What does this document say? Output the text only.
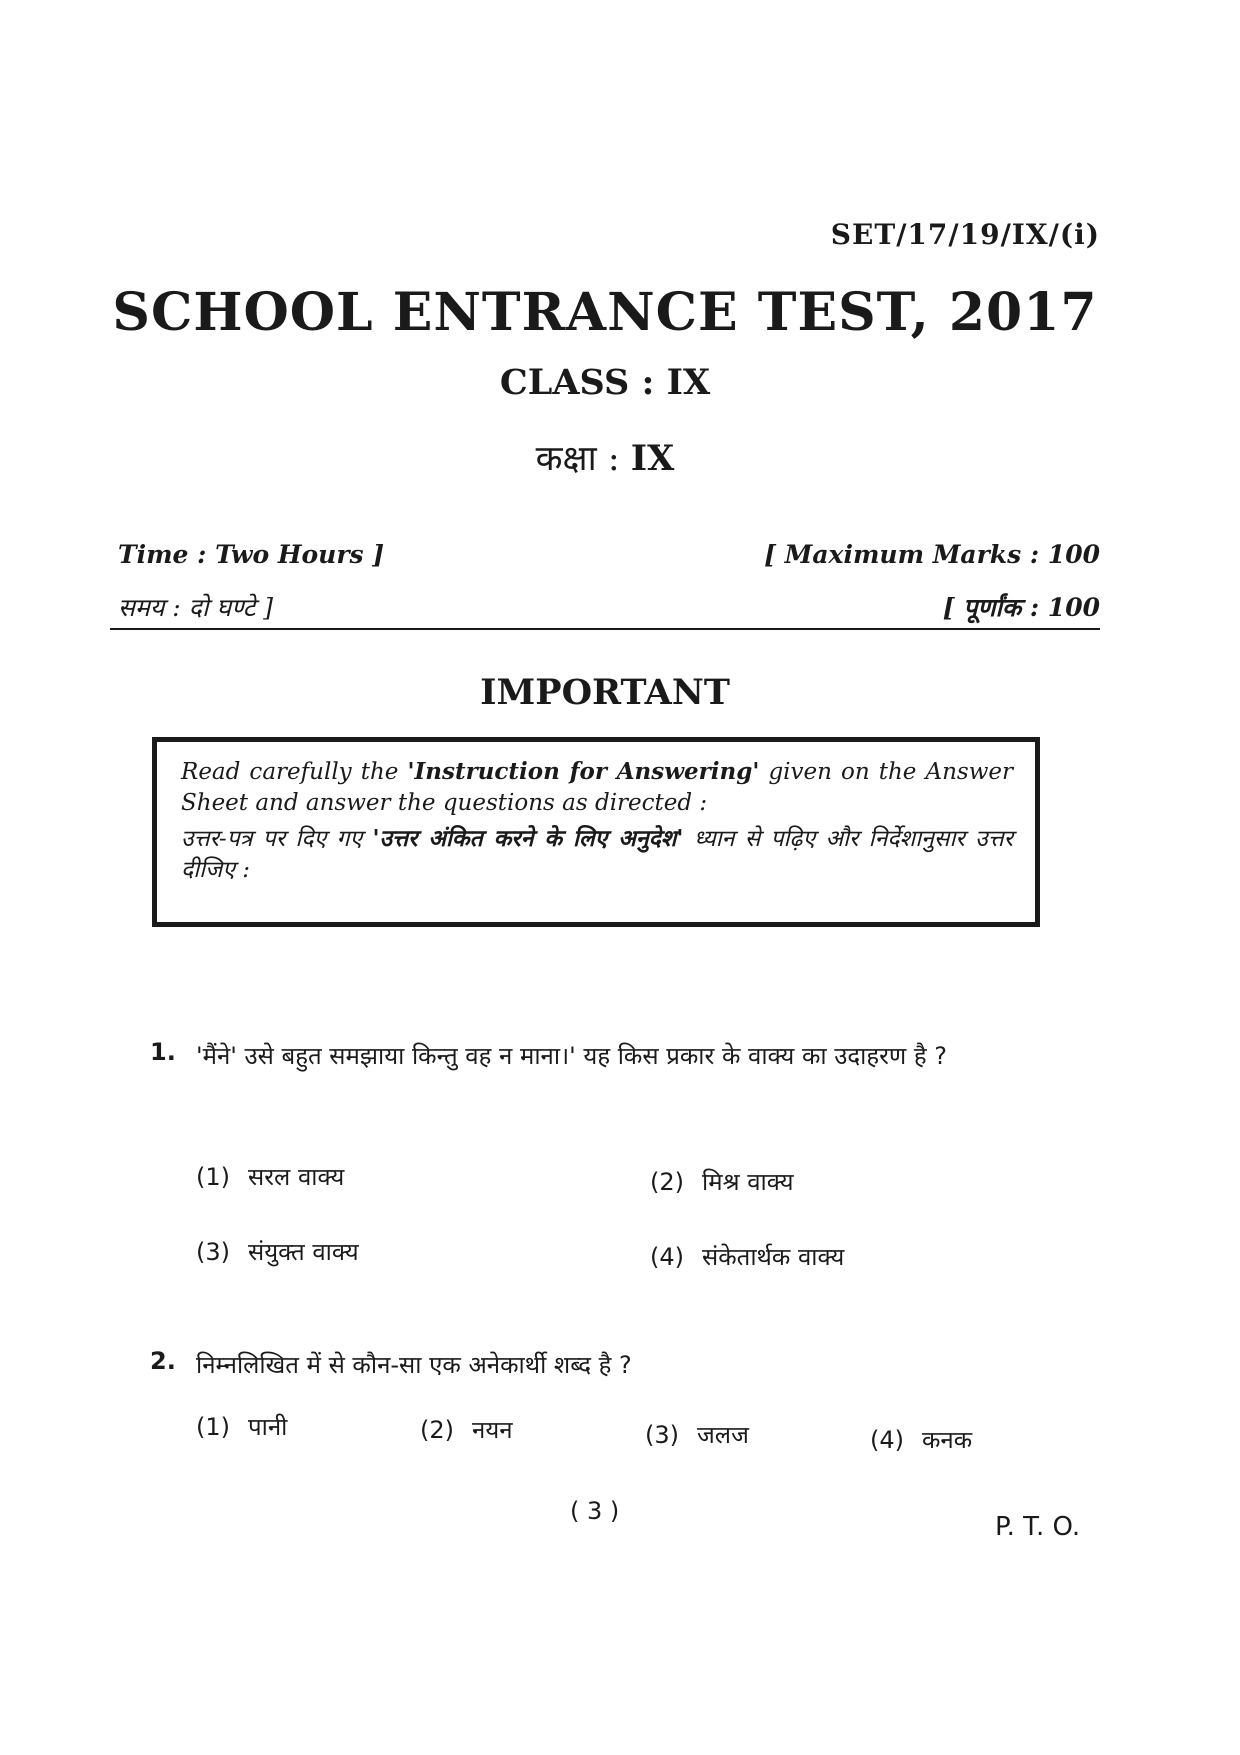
SET/17/19/IX/(i)
SCHOOL ENTRANCE TEST, 2017
CLASS : IX
कक्षा : IX
Time : Two Hours ]	[ Maximum Marks : 100
समय : दो घण्टे ]	[ पूर्णांक : 100
IMPORTANT
Read carefully the 'Instruction for Answering' given on the Answer Sheet and answer the questions as directed :
उत्तर-पत्र पर दिए गए 'उत्तर अंकित करने के लिए अनुदेश' ध्यान से पढ़िए और निर्देशानुसार उत्तर दीजिए :
1. 'मैंने' उसे बहुत समझाया किन्तु वह न माना।' यह किस प्रकार के वाक्य का उदाहरण है ?
(1) सरल वाक्य	(2) मिश्र वाक्य
(3) संयुक्त वाक्य	(4) संकेतार्थक वाक्य
2. निम्नलिखित में से कौन-सा एक अनेकार्थी शब्द है ?
(1) पानी	(2) नयन	(3) जलज	(4) कनक
( 3 )
P. T. O.
